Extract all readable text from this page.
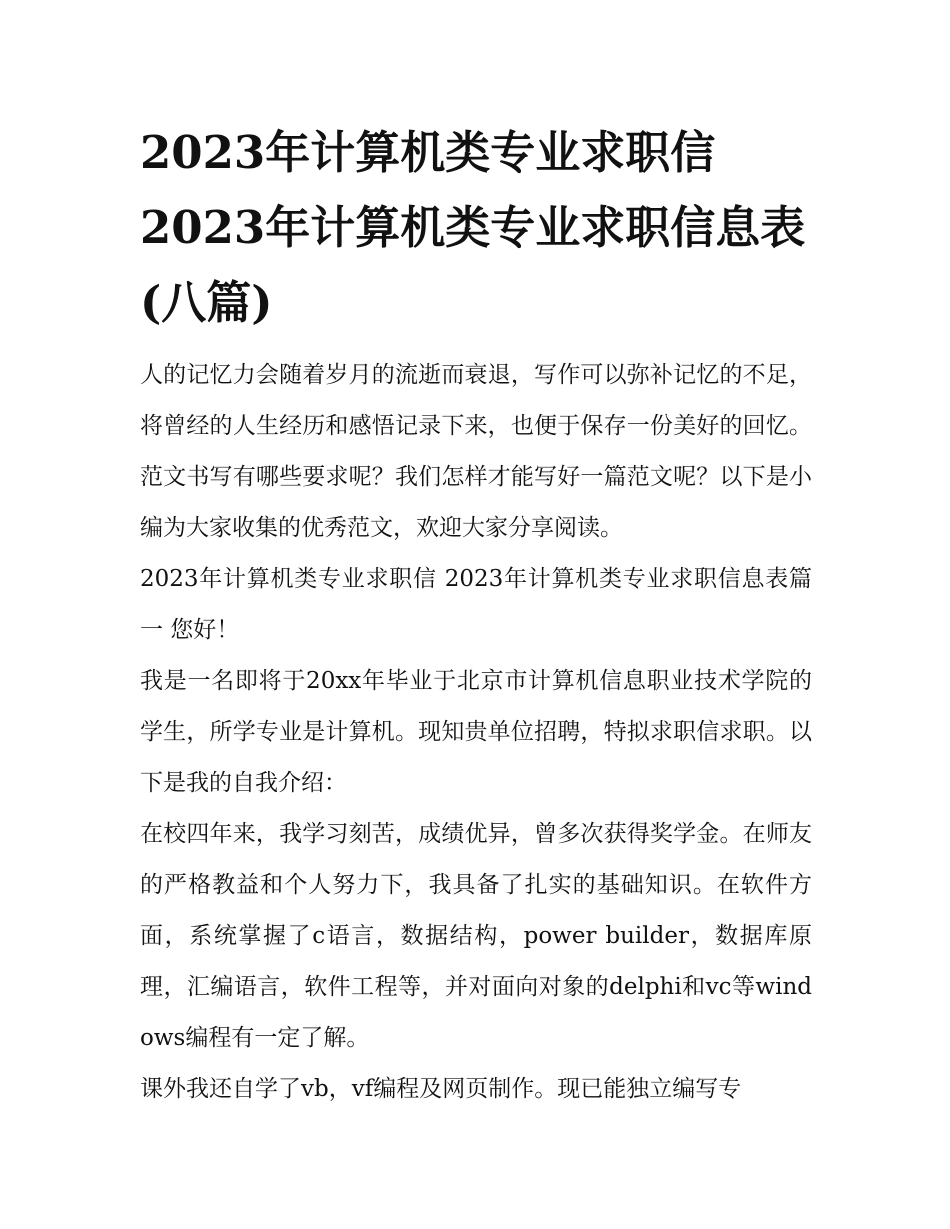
2023年计算机类专业求职信
2023年计算机类专业求职信息表(八篇)

人的记忆力会随着岁月的流逝而衰退，写作可以弥补记忆的不足，将曾经的人生经历和感悟记录下来，也便于保存一份美好的回忆。范文书写有哪些要求呢？我们怎样才能写好一篇范文呢？以下是小编为大家收集的优秀范文，欢迎大家分享阅读。

2023年计算机类专业求职信 2023年计算机类专业求职信息表篇一 您好！

我是一名即将于20xx年毕业于北京市计算机信息职业技术学院的学生，所学专业是计算机。现知贵单位招聘，特拟求职信求职。以下是我的自我介绍：

在校四年来，我学习刻苦，成绩优异，曾多次获得奖学金。在师友的严格教益和个人努力下，我具备了扎实的基础知识。在软件方面，系统掌握了c语言，数据结构，power builder，数据库原理，汇编语言，软件工程等，并对面向对象的delphi和vc等windows编程有一定了解。

课外我还自学了vb，vf编程及网页制作。现已能独立编写专
